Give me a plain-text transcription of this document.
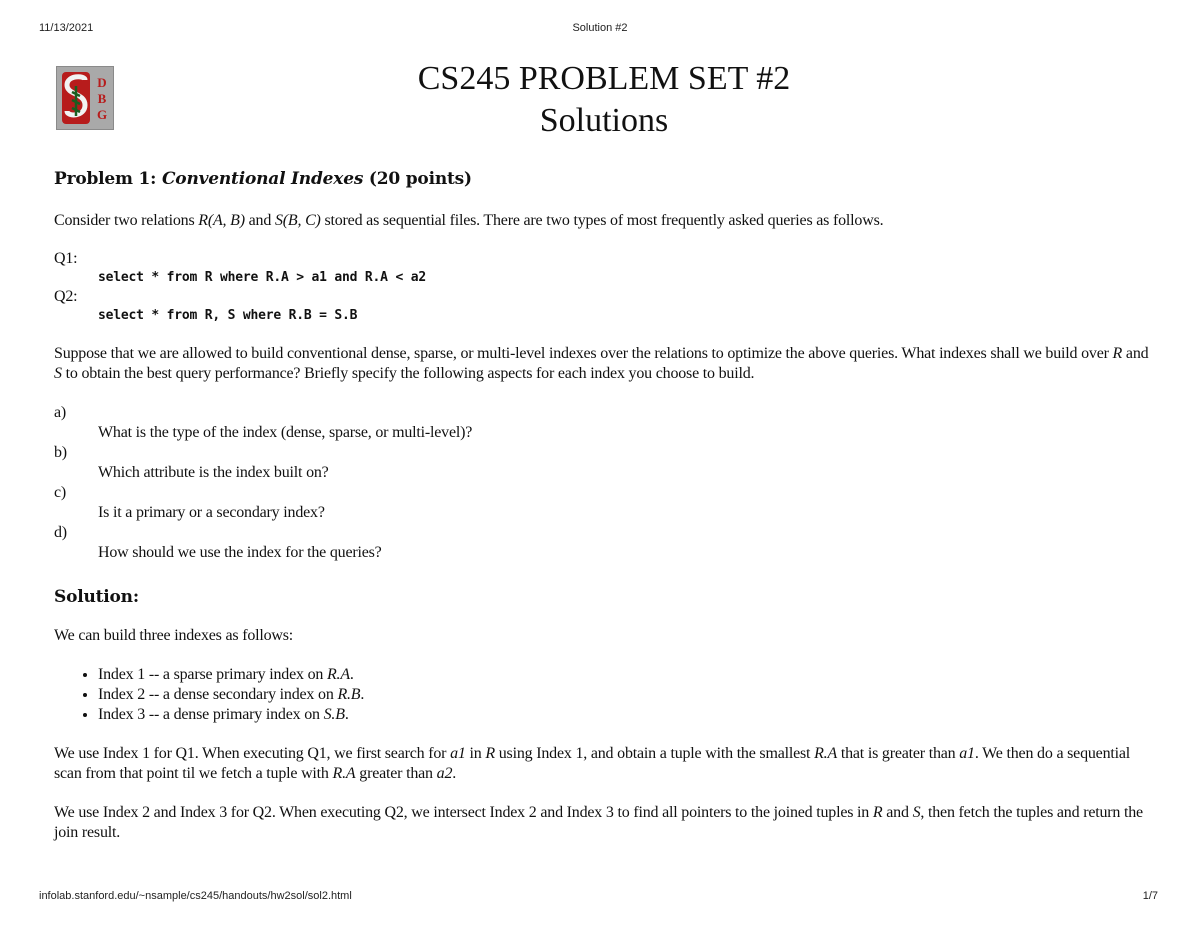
11/13/2021	Solution #2
D
B
G
CS245 PROBLEM SET #2
Solutions
Problem 1: Conventional Indexes (20 points)

Consider two relations R(A, B) and S(B, C) stored as sequential files. There are two types of most frequently asked queries as follows.

Q1:
select * from R where R.A > a1 and R.A < a2
Q2:
select * from R, S where R.B = S.B

Suppose that we are allowed to build conventional dense, sparse, or multi-level indexes over the relations to optimize the above queries. What indexes shall we build over R and S to obtain the best query performance? Briefly specify the following aspects for each index you choose to build.

a)
What is the type of the index (dense, sparse, or multi-level)?
b)
Which attribute is the index built on?
c)
Is it a primary or a secondary index?
d)
How should we use the index for the queries?
Solution:

We can build three indexes as follows:

• Index 1 -- a sparse primary index on R.A.
• Index 2 -- a dense secondary index on R.B.
• Index 3 -- a dense primary index on S.B.

We use Index 1 for Q1. When executing Q1, we first search for a1 in R using Index 1, and obtain a tuple with the smallest R.A that is greater than a1. We then do a sequential scan from that point til we fetch a tuple with R.A greater than a2.

We use Index 2 and Index 3 for Q2. When executing Q2, we intersect Index 2 and Index 3 to find all pointers to the joined tuples in R and S, then fetch the tuples and return the join result.

infolab.stanford.edu/~nsample/cs245/handouts/hw2sol/sol2.html	1/7
